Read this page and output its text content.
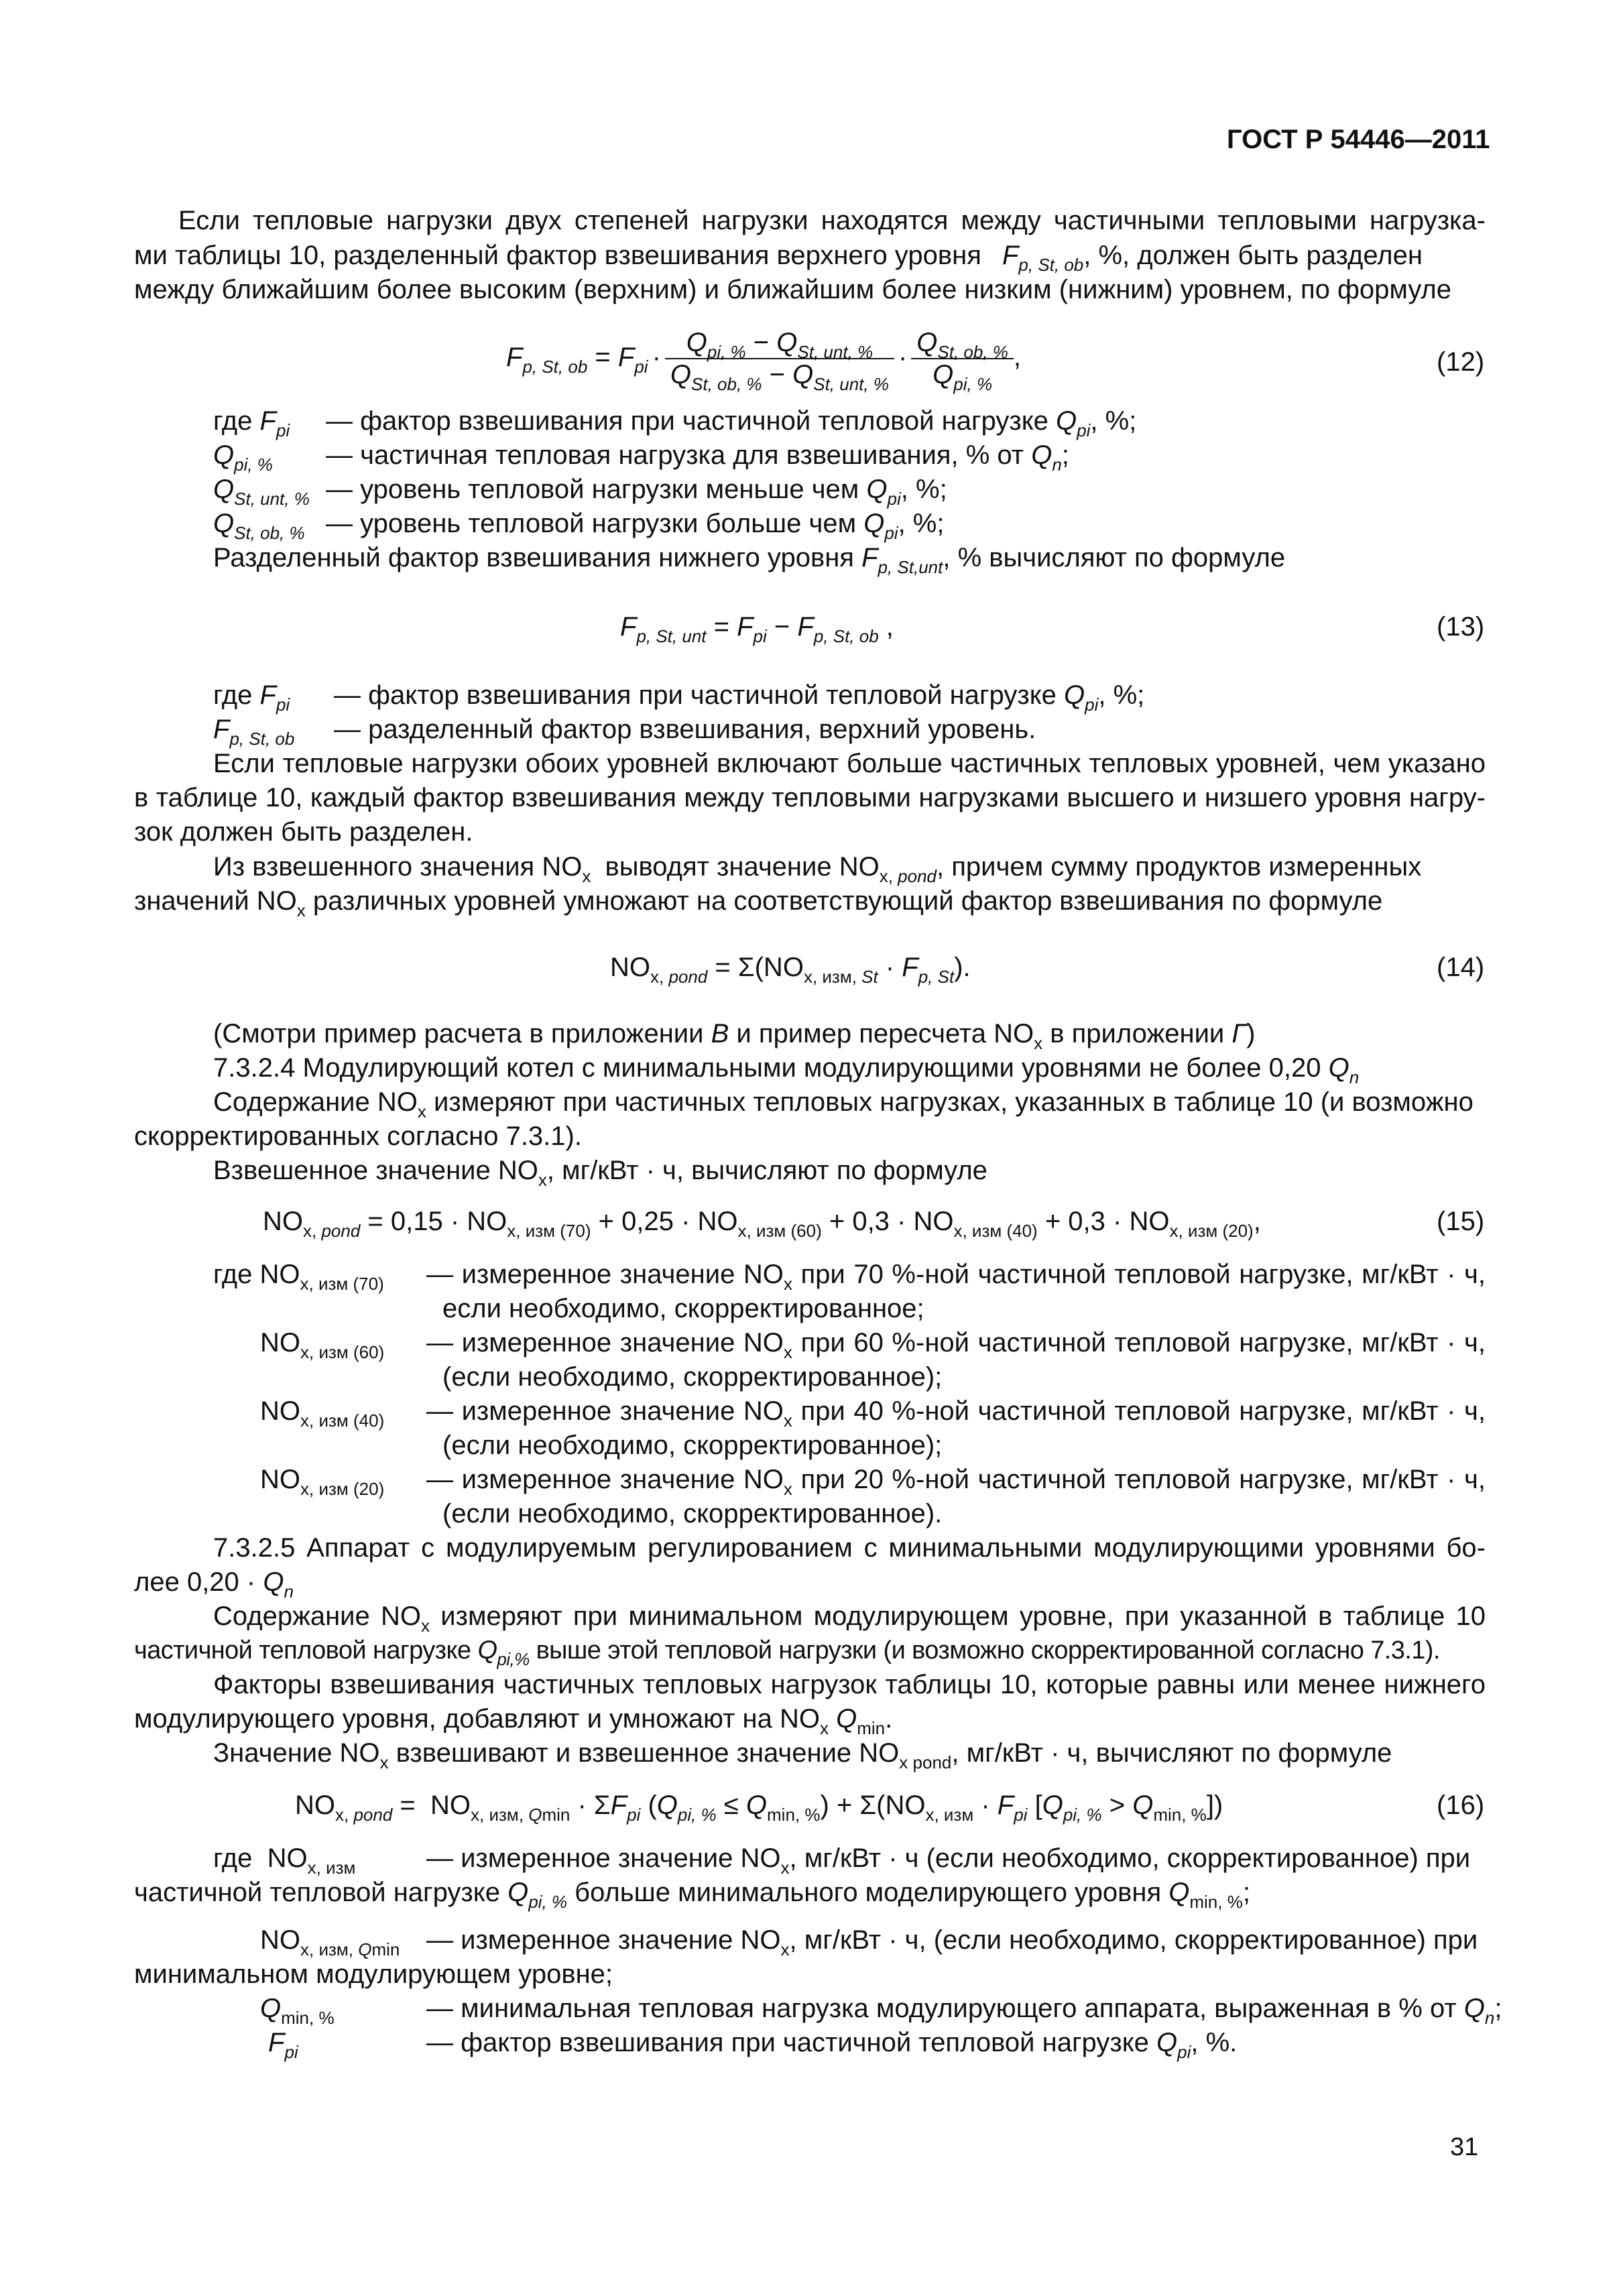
ГОСТ Р 54446—2011
Если тепловые нагрузки двух степеней нагрузки находятся между частичными тепловыми нагрузка-
ми таблицы 10, разделенный фактор взвешивания верхнего уровня $F_{p, St, ob}$, %, должен быть разделен
между ближайшим более высоким (верхним) и ближайшим более низким (нижним) уровнем, по формуле
$F_{p, St, ob} = F_{pi} \cdot \frac{Q_{pi, \%} - Q_{St, unt, \%}}{Q_{St, ob, \%} - Q_{St, unt, \%}} \cdot \frac{Q_{St, ob, \%}}{Q_{pi, \%}}$ ,	(12)
где $F_{pi}$ — фактор взвешивания при частичной тепловой нагрузке $Q_{pi}$, %;
$Q_{pi, \%}$ — частичная тепловая нагрузка для взвешивания, % от $Q_n$;
$Q_{St, unt, \%}$ — уровень тепловой нагрузки меньше чем $Q_{pi}$, %;
$Q_{St, ob, \%}$ — уровень тепловой нагрузки больше чем $Q_{pi}$, %;
Разделенный фактор взвешивания нижнего уровня $F_{p, St,unt}$, % вычисляют по формуле
$F_{p, St, unt} = F_{pi} - F_{p, St, ob}$ ,	(13)
где $F_{pi}$ — фактор взвешивания при частичной тепловой нагрузке $Q_{pi}$, %;
$F_{p, St, ob}$ — разделенный фактор взвешивания, верхний уровень.
Если тепловые нагрузки обоих уровней включают больше частичных тепловых уровней, чем указано
в таблице 10, каждый фактор взвешивания между тепловыми нагрузками высшего и низшего уровня нагру-
зок должен быть разделен.
Из взвешенного значения $NO_x$ выводят значение $NO_{x, pond}$, причем сумму продуктов измеренных
значений $NO_x$ различных уровней умножают на соответствующий фактор взвешивания по формуле
$NO_{x, pond} = \Sigma(NO_{x, изм, St} \cdot F_{p, St})$.	(14)
(Смотри пример расчета в приложении В и пример пересчета $NO_x$ в приложении Г)
7.3.2.4 Модулирующий котел с минимальными модулирующими уровнями не более 0,20 $Q_n$
Содержание $NO_x$ измеряют при частичных тепловых нагрузках, указанных в таблице 10 (и возможно
скорректированных согласно 7.3.1).
Взвешенное значение $NO_x$, мг/кВт · ч, вычисляют по формуле
$NO_{x, pond} = 0,15 \cdot NO_{x, изм (70)} + 0,25 \cdot NO_{x, изм (60)} + 0,3 \cdot NO_{x, изм (40)} + 0,3 \cdot NO_{x, изм (20)}$,	(15)
где $NO_{x, изм (70)}$ — измеренное значение $NO_x$ при 70 %-ной частичной тепловой нагрузке, мг/кВт · ч,
если необходимо, скорректированное;
$NO_{x, изм (60)}$ — измеренное значение $NO_x$ при 60 %-ной частичной тепловой нагрузке, мг/кВт · ч,
(если необходимо, скорректированное);
$NO_{x, изм (40)}$ — измеренное значение $NO_x$ при 40 %-ной частичной тепловой нагрузке, мг/кВт · ч,
(если необходимо, скорректированное);
$NO_{x, изм (20)}$ — измеренное значение $NO_x$ при 20 %-ной частичной тепловой нагрузке, мг/кВт · ч,
(если необходимо, скорректированное).
7.3.2.5 Аппарат с модулируемым регулированием с минимальными модулирующими уровнями бо-
лее $0,20 \cdot Q_n$
Содержание $NO_x$ измеряют при минимальном модулирующем уровне, при указанной в таблице 10
частичной тепловой нагрузке $Q_{pi,\%}$ выше этой тепловой нагрузки (и возможно скорректированной согласно 7.3.1).
Факторы взвешивания частичных тепловых нагрузок таблицы 10, которые равны или менее нижнего
модулирующего уровня, добавляют и умножают на $NO_x$ $Q_{min}$.
Значение $NO_x$ взвешивают и взвешенное значение $NO_{x pond}$, мг/кВт · ч, вычисляют по формуле
$NO_{x, pond} = NO_{x, изм, Qmin} \cdot \Sigma F_{pi}$ $(Q_{pi, \%} \le Q_{min, \%}) + \Sigma(NO_{x, изм} \cdot F_{pi}$ $[Q_{pi, \%} > Q_{min, \%}]$)	(16)
где  $NO_{x, изм}$	— измеренное значение $NO_x$, мг/кВт · ч (если необходимо, скорректированное) при
частичной тепловой нагрузке $Q_{pi, \%}$ больше минимального моделирующего уровня $Q_{min, \%}$;
$NO_{x, изм, Qmin}$ — измеренное значение $NO_x$, мг/кВт · ч, (если необходимо, скорректированное) при
минимальном модулирующем уровне;
$Q_{min, \%}$	— минимальная тепловая нагрузка модулирующего аппарата, выраженная в % от $Q_n$;
$F_{pi}$	— фактор взвешивания при частичной тепловой нагрузке $Q_{pi}$, %.
31
